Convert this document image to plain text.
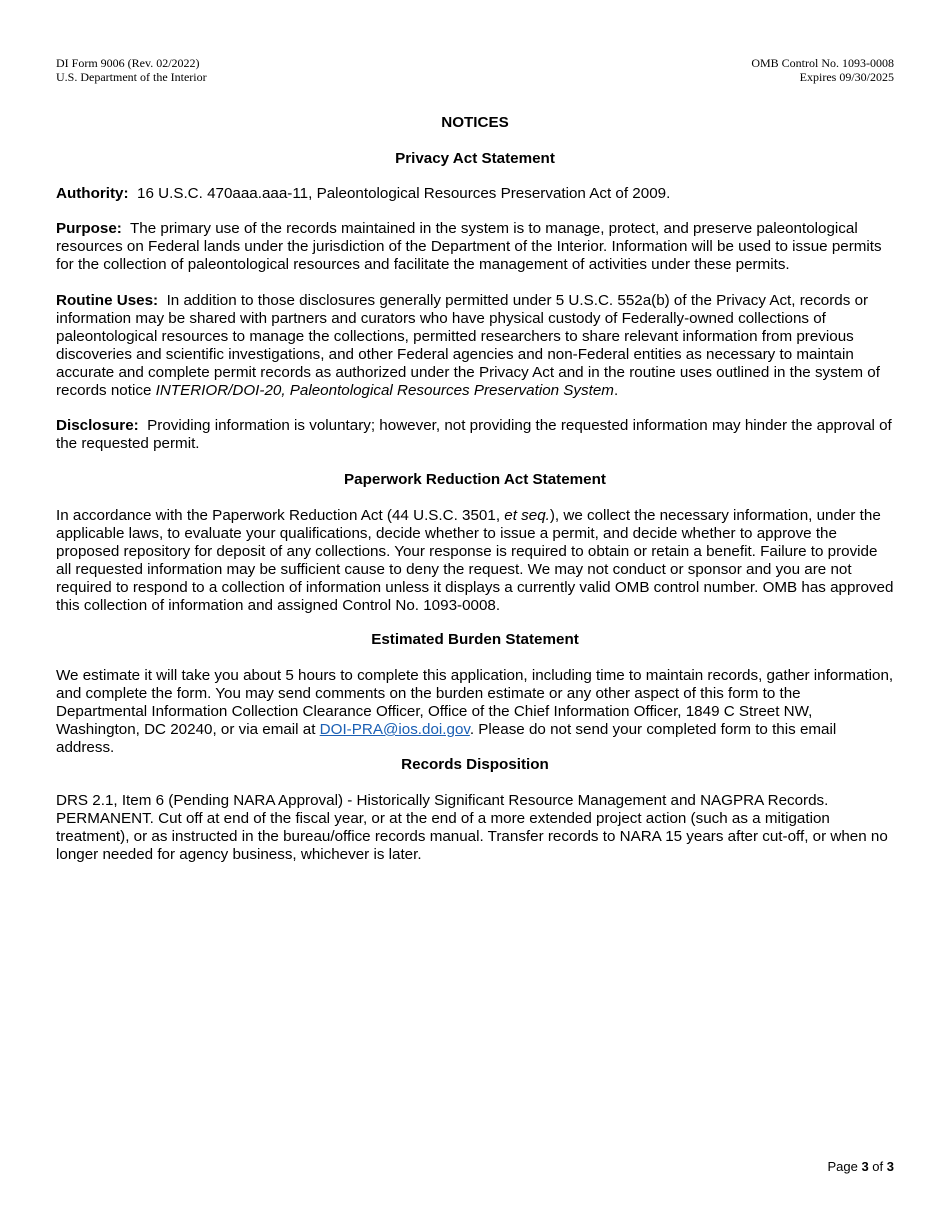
DI Form 9006 (Rev. 02/2022)
U.S. Department of the Interior
OMB Control No. 1093-0008
Expires 09/30/2025
NOTICES
Privacy Act Statement
Authority: 16 U.S.C. 470aaa.aaa-11, Paleontological Resources Preservation Act of 2009.
Purpose: The primary use of the records maintained in the system is to manage, protect, and preserve paleontological resources on Federal lands under the jurisdiction of the Department of the Interior. Information will be used to issue permits for the collection of paleontological resources and facilitate the management of activities under these permits.
Routine Uses: In addition to those disclosures generally permitted under 5 U.S.C. 552a(b) of the Privacy Act, records or information may be shared with partners and curators who have physical custody of Federally-owned collections of paleontological resources to manage the collections, permitted researchers to share relevant information from previous discoveries and scientific investigations, and other Federal agencies and non-Federal entities as necessary to maintain accurate and complete permit records as authorized under the Privacy Act and in the routine uses outlined in the system of records notice INTERIOR/DOI-20, Paleontological Resources Preservation System.
Disclosure: Providing information is voluntary; however, not providing the requested information may hinder the approval of the requested permit.
Paperwork Reduction Act Statement
In accordance with the Paperwork Reduction Act (44 U.S.C. 3501, et seq.), we collect the necessary information, under the applicable laws, to evaluate your qualifications, decide whether to issue a permit, and decide whether to approve the proposed repository for deposit of any collections. Your response is required to obtain or retain a benefit. Failure to provide all requested information may be sufficient cause to deny the request. We may not conduct or sponsor and you are not required to respond to a collection of information unless it displays a currently valid OMB control number. OMB has approved this collection of information and assigned Control No. 1093-0008.
Estimated Burden Statement
We estimate it will take you about 5 hours to complete this application, including time to maintain records, gather information, and complete the form. You may send comments on the burden estimate or any other aspect of this form to the Departmental Information Collection Clearance Officer, Office of the Chief Information Officer, 1849 C Street NW, Washington, DC 20240, or via email at DOI-PRA@ios.doi.gov. Please do not send your completed form to this email address.
Records Disposition
DRS 2.1, Item 6 (Pending NARA Approval) - Historically Significant Resource Management and NAGPRA Records. PERMANENT. Cut off at end of the fiscal year, or at the end of a more extended project action (such as a mitigation treatment), or as instructed in the bureau/office records manual. Transfer records to NARA 15 years after cut-off, or when no longer needed for agency business, whichever is later.
Page 3 of 3
